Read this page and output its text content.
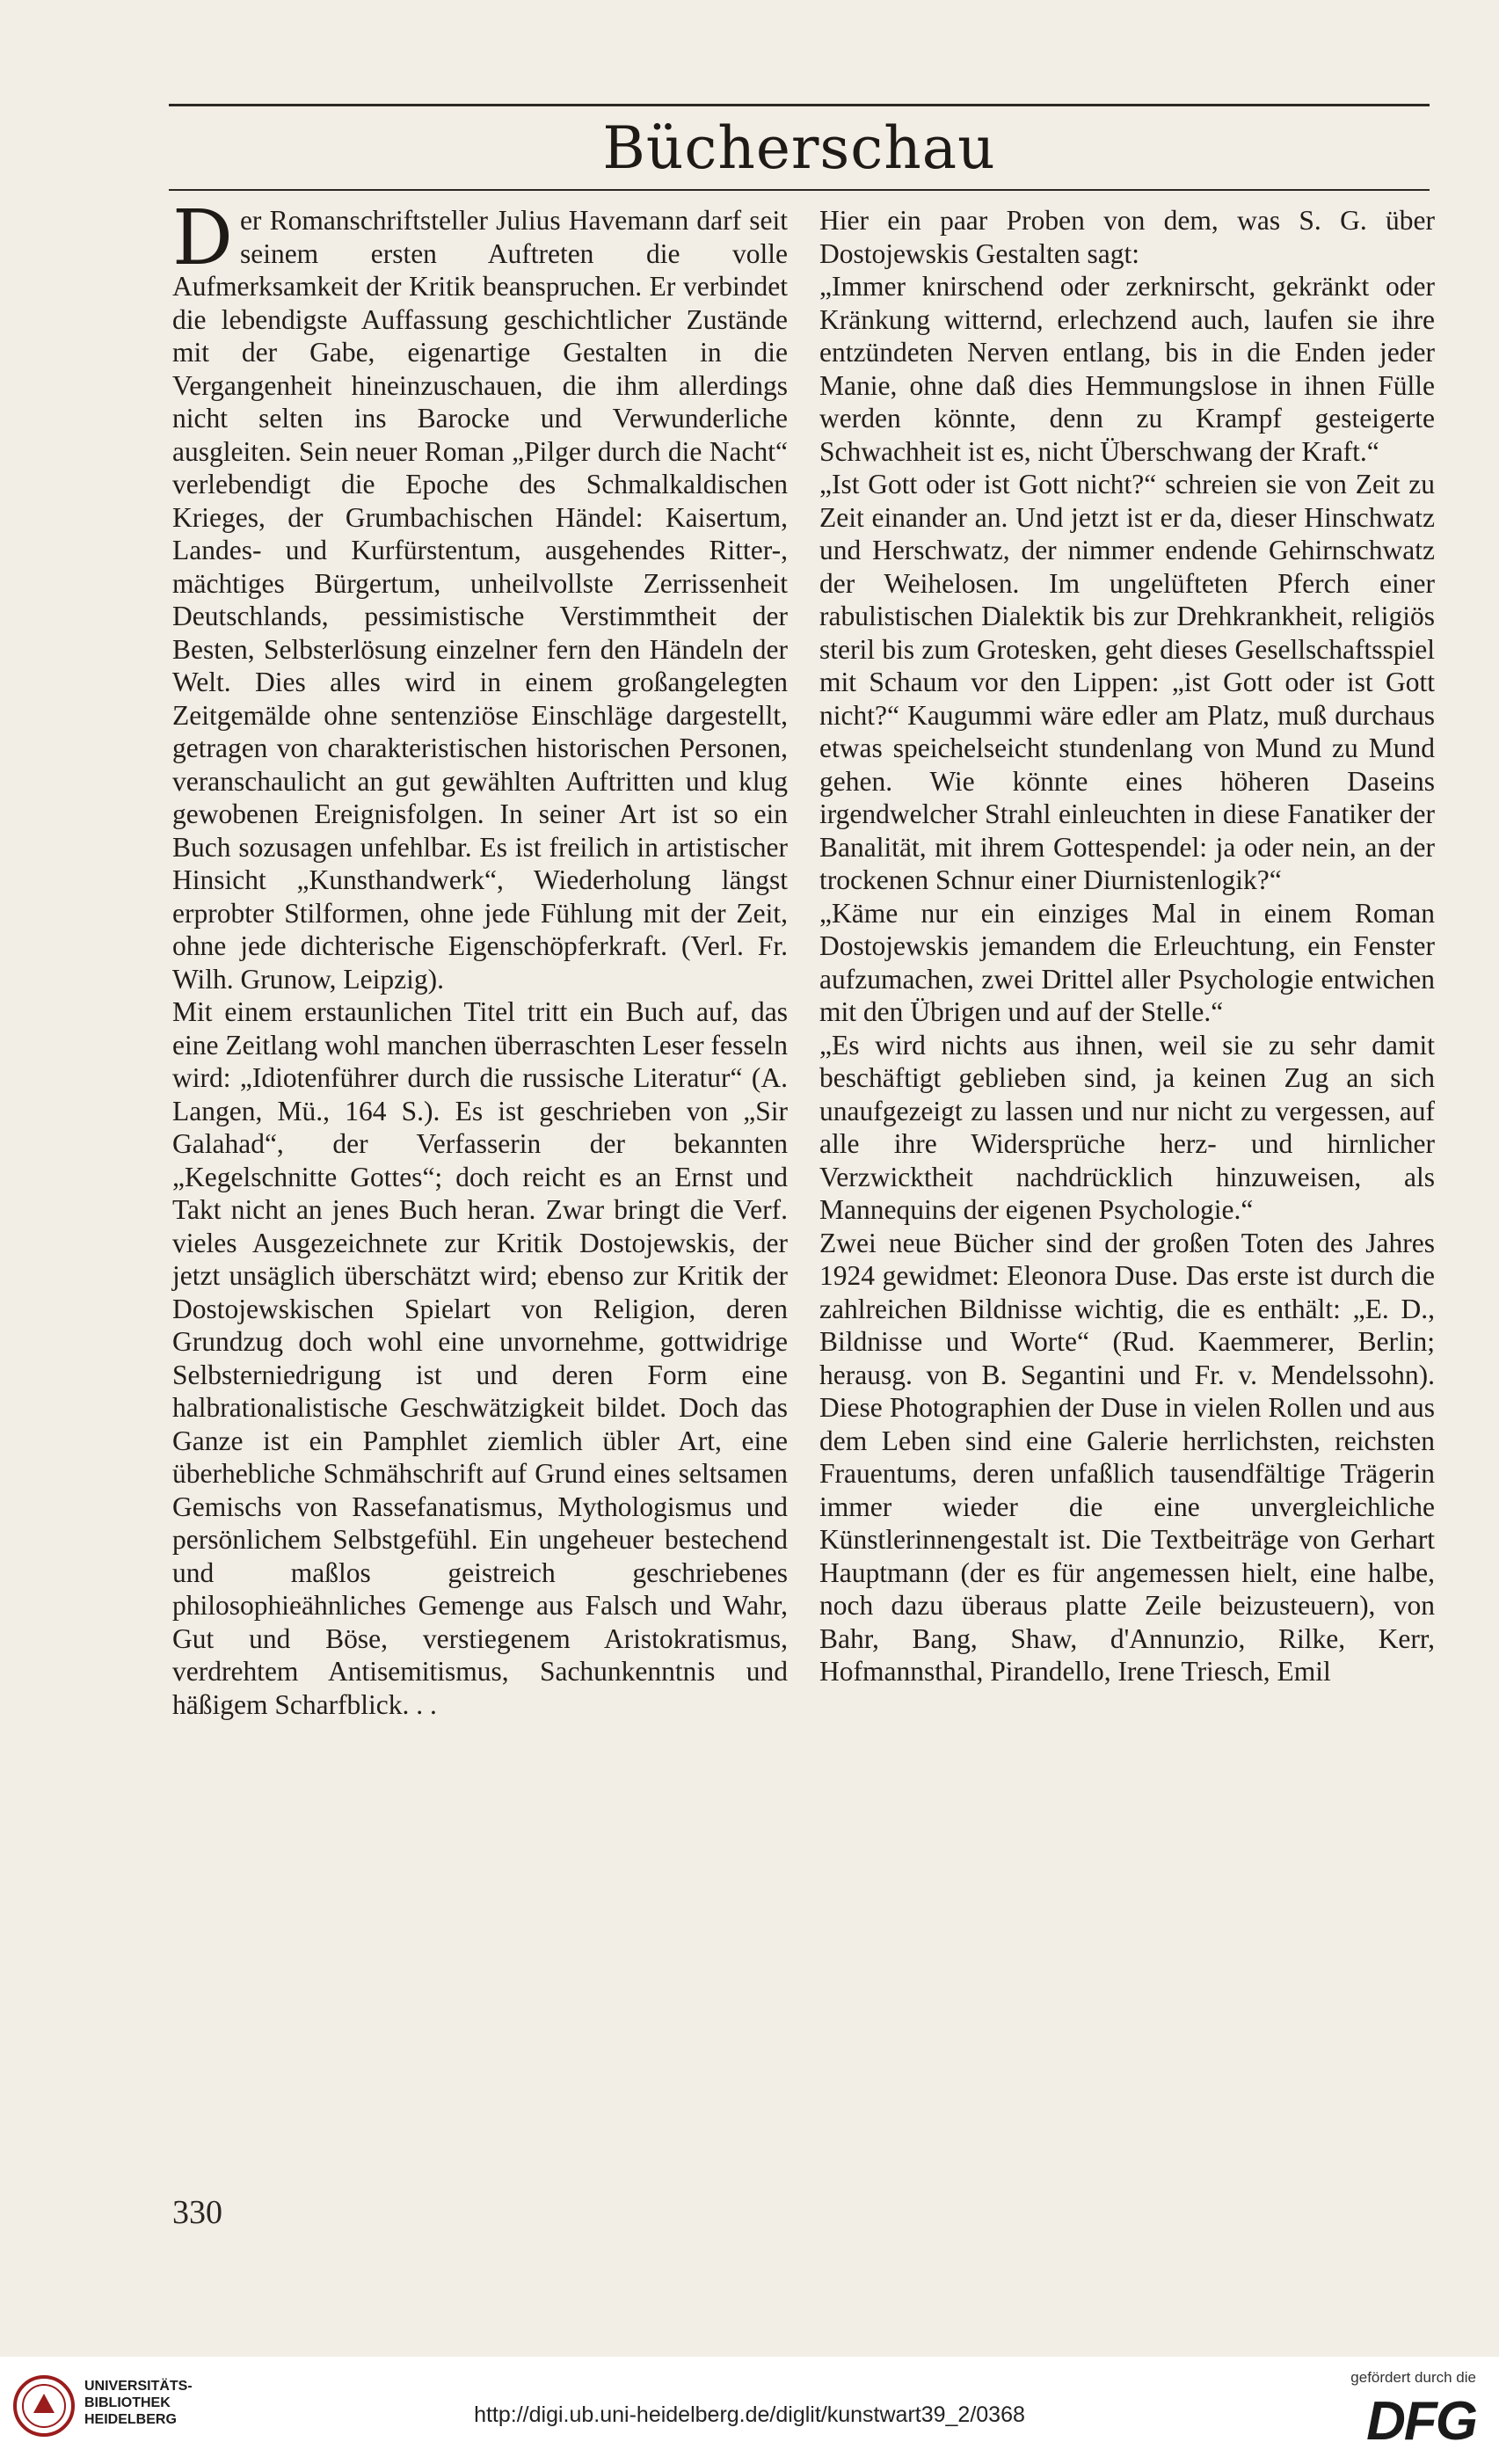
Bücherschau

Der Romanschriftsteller Julius Havemann darf seit seinem ersten Auftreten die volle Aufmerksamkeit der Kritik beanspruchen. Er verbindet die lebendigste Auffassung geschichtlicher Zustände mit der Gabe, eigenartige Gestalten in die Vergangenheit hineinzuschauen, die ihm allerdings nicht selten ins Barocke und Verwunderliche ausgleiten. Sein neuer Roman „Pilger durch die Nacht“ verlebendigt die Epoche des Schmalkaldischen Krieges, der Grumbachischen Händel: Kaisertum, Landes- und Kurfürstentum, ausgehendes Ritter-, mächtiges Bürgertum, unheilvollste Zerrissenheit Deutschlands, pessimistische Verstimmtheit der Besten, Selbsterlösung einzelner fern den Händeln der Welt. Dies alles wird in einem großangelegten Zeitgemälde ohne sentenziöse Einschläge dargestellt, getragen von charakteristischen historischen Personen, veranschaulicht an gut gewählten Auftritten und klug gewobenen Ereignisfolgen. In seiner Art ist so ein Buch sozusagen unfehlbar. Es ist freilich in artistischer Hinsicht „Kunsthandwerk“, Wiederholung längst erprobter Stilformen, ohne jede Fühlung mit der Zeit, ohne jede dichterische Eigenschöpferkraft. (Verl. Fr. Wilh. Grunow, Leipzig).

Mit einem erstaunlichen Titel tritt ein Buch auf, das eine Zeitlang wohl manchen überraschten Leser fesseln wird: „Idiotenführer durch die russische Literatur“ (A. Langen, Mü., 164 S.). Es ist geschrieben von „Sir Galahad“, der Verfasserin der bekannten „Kegelschnitte Gottes“; doch reicht es an Ernst und Takt nicht an jenes Buch heran. Zwar bringt die Verf. vieles Ausgezeichnete zur Kritik Dostojewskis, der jetzt unsäglich überschätzt wird; ebenso zur Kritik der Dostojewskischen Spielart von Religion, deren Grundzug doch wohl eine unvornehme, gottwidrige Selbsterniedrigung ist und deren Form eine halbrationalistische Geschwätzigkeit bildet. Doch das Ganze ist ein Pamphlet ziemlich übler Art, eine überhebliche Schmähschrift auf Grund eines seltsamen Gemischs von Rassefanatismus, Mythologismus und persönlichem Selbstgefühl. Ein ungeheuer bestechend und maßlos geistreich geschriebenes philosophieähnliches Gemenge aus Falsch und Wahr, Gut und Böse, verstiegenem Aristokratismus, verdrehtem Antisemitismus, Sachunkenntnis und häßigem Scharfblick. . .

Hier ein paar Proben von dem, was S. G. über Dostojewskis Gestalten sagt:

„Immer knirschend oder zerknirscht, gekränkt oder Kränkung witternd, erlechzend auch, laufen sie ihre entzündeten Nerven entlang, bis in die Enden jeder Manie, ohne daß dies Hemmungslose in ihnen Fülle werden könnte, denn zu Krampf gesteigerte Schwachheit ist es, nicht Überschwang der Kraft.“

„Ist Gott oder ist Gott nicht?“ schreien sie von Zeit zu Zeit einander an. Und jetzt ist er da, dieser Hinschwatz und Herschwatz, der nimmer endende Gehirnschwatz der Weihelosen. Im ungelüfteten Pferch einer rabulistischen Dialektik bis zur Drehkrankheit, religiös steril bis zum Grotesken, geht dieses Gesellschaftsspiel mit Schaum vor den Lippen: „ist Gott oder ist Gott nicht?“ Kaugummi wäre edler am Platz, muß durchaus etwas speichelseicht stundenlang von Mund zu Mund gehen. Wie könnte eines höheren Daseins irgendwelcher Strahl einleuchten in diese Fanatiker der Banalität, mit ihrem Gottespendel: ja oder nein, an der trockenen Schnur einer Diurnistenlogik?“

„Käme nur ein einziges Mal in einem Roman Dostojewskis jemandem die Erleuchtung, ein Fenster aufzumachen, zwei Drittel aller Psychologie entwichen mit den Übrigen und auf der Stelle.“

„Es wird nichts aus ihnen, weil sie zu sehr damit beschäftigt geblieben sind, ja keinen Zug an sich unaufgezeigt zu lassen und nur nicht zu vergessen, auf alle ihre Widersprüche herz- und hirnlicher Verzwicktheit nachdrücklich hinzuweisen, als Mannequins der eigenen Psychologie.“

Zwei neue Bücher sind der großen Toten des Jahres 1924 gewidmet: Eleonora Duse. Das erste ist durch die zahlreichen Bildnisse wichtig, die es enthält: „E. D., Bildnisse und Worte“ (Rud. Kaemmerer, Berlin; herausg. von B. Segantini und Fr. v. Mendelssohn). Diese Photographien der Duse in vielen Rollen und aus dem Leben sind eine Galerie herrlichsten, reichsten Frauentums, deren unfaßlich tausendfältige Trägerin immer wieder die eine unvergleichliche Künstlerinnengestalt ist. Die Textbeiträge von Gerhart Hauptmann (der es für angemessen hielt, eine halbe, noch dazu überaus platte Zeile beizusteuern), von Bahr, Bang, Shaw, d'Annunzio, Rilke, Kerr, Hofmannsthal, Pirandello, Irene Triesch, Emil

330
UNIVERSITÄTS-
BIBLIOTHEK
HEIDELBERG	http://digi.ub.uni-heidelberg.de/diglit/kunstwart39_2/0368
gefördert durch die
DFG
